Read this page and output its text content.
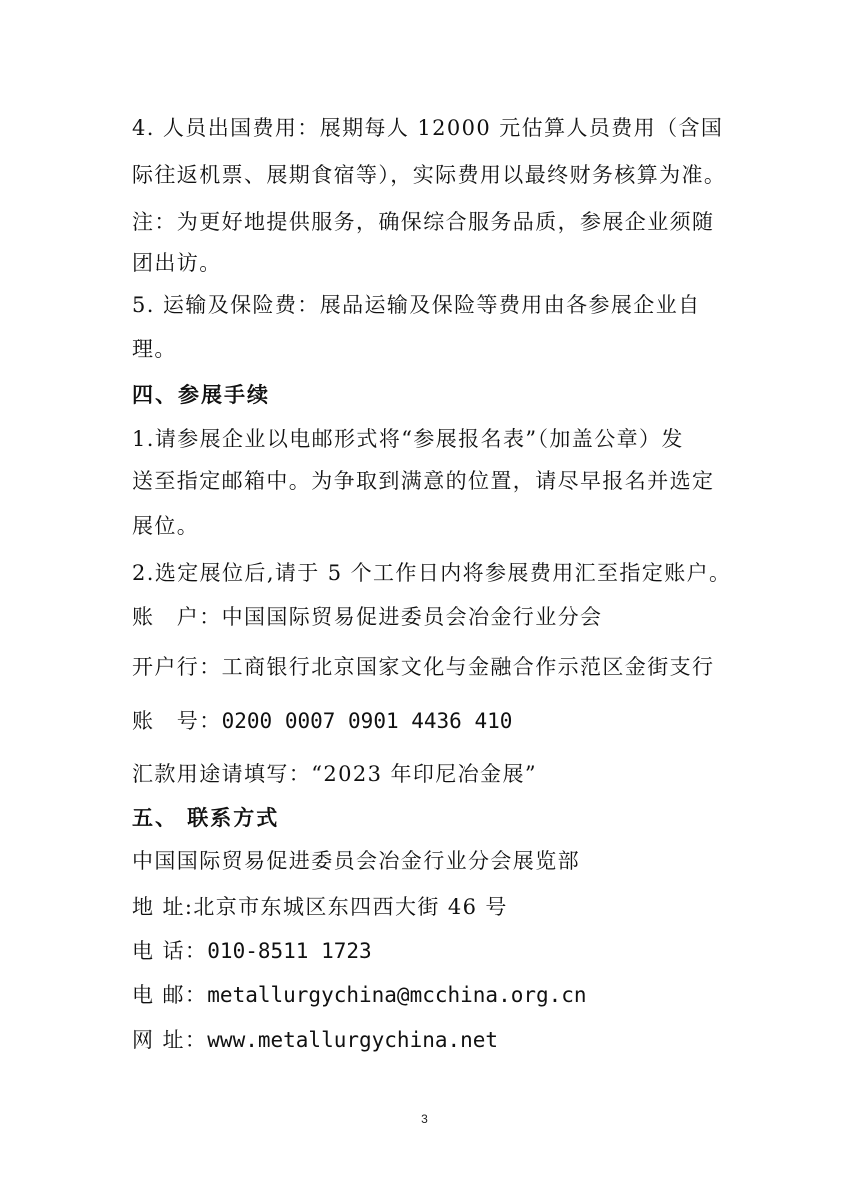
4. 人员出国费用：展期每人 12000 元估算人员费用（含国
际往返机票、展期食宿等），实际费用以最终财务核算为准。
注：为更好地提供服务，确保综合服务品质，参展企业须随
团出访。
5. 运输及保险费：展品运输及保险等费用由各参展企业自
理。
四、参展手续
1.请参展企业以电邮形式将“参展报名表”（加盖公章）发
送至指定邮箱中。为争取到满意的位置，请尽早报名并选定
展位。
2.选定展位后,请于 5 个工作日内将参展费用汇至指定账户。
账　户：中国国际贸易促进委员会冶金行业分会
开户行：工商银行北京国家文化与金融合作示范区金街支行
账　号：0200 0007 0901 4436 410
汇款用途请填写：“2023 年印尼冶金展”
五、 联系方式
中国国际贸易促进委员会冶金行业分会展览部
地 址:北京市东城区东四西大街 46 号
电 话：010-8511 1723
电 邮：metallurgychina@mcchina.org.cn
网 址：www.metallurgychina.net
3
